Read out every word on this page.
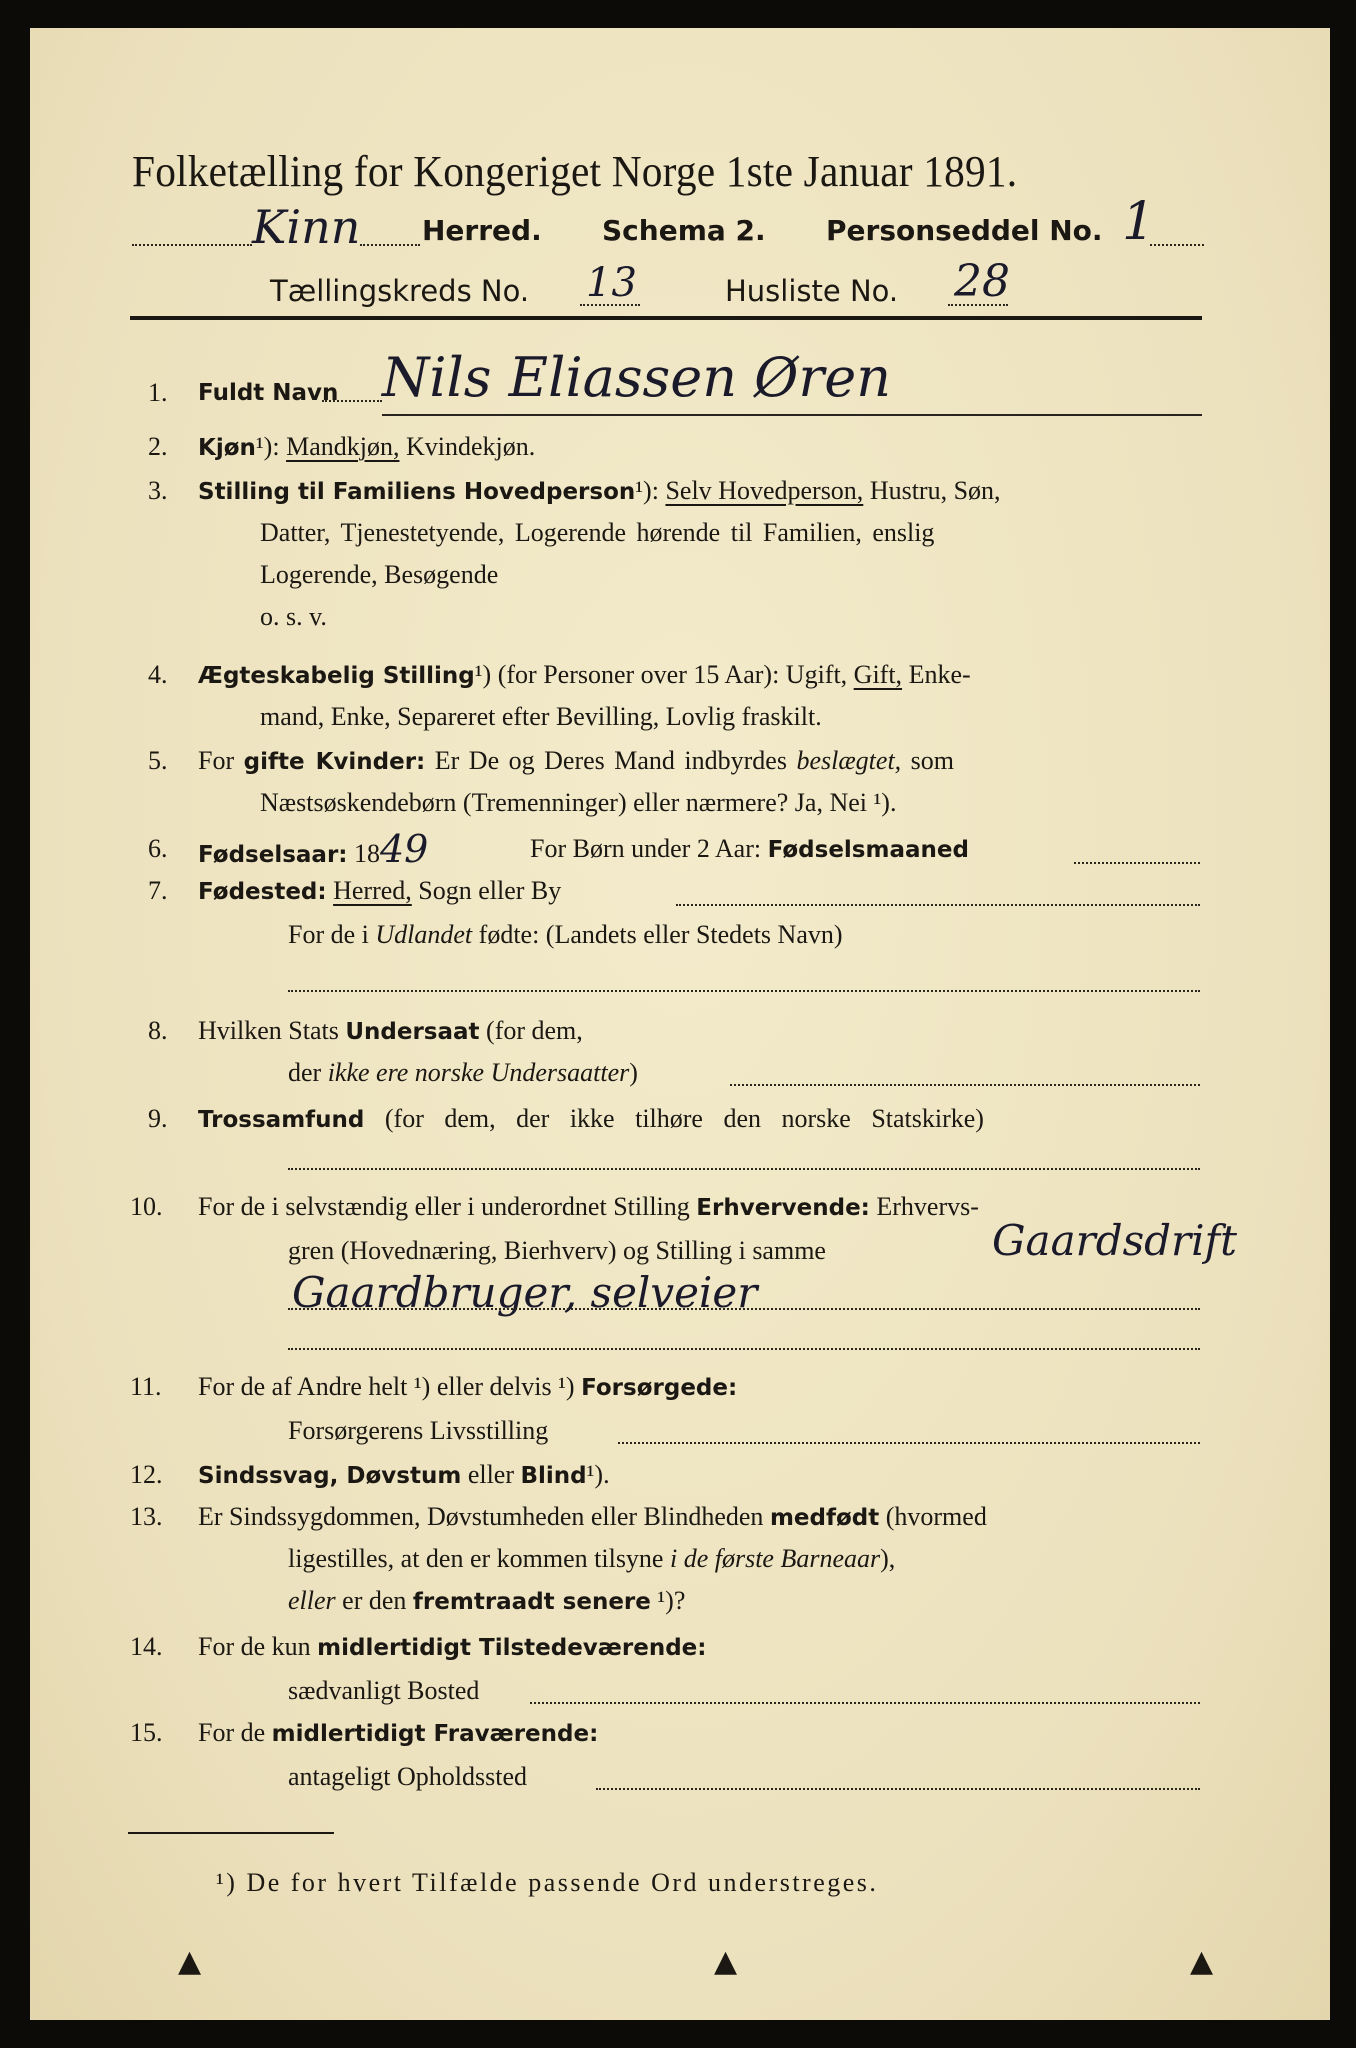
Folketælling for Kongeriget Norge 1ste Januar 1891.
Kinn Herred. Schema 2. Personseddel No. 1
Tællingskreds No. 13	Husliste No. 28
1. Fuldt Navn Nils Eliassen Øren
2. Kjøn¹): Mandkjøn, Kvindekjøn.
3. Stilling til Familiens Hovedperson¹): Selv Hovedperson, Hustru, Søn,
Datter, Tjenestetyende, Logerende hørende til Familien, enslig
Logerende, Besøgende
o. s. v.
4. Ægteskabelig Stilling¹) (for Personer over 15 Aar): Ugift, Gift, Enke-
mand, Enke, Separeret efter Bevilling, Lovlig fraskilt.
5. For gifte Kvinder: Er De og Deres Mand indbyrdes beslægtet, som
Næstsøskendebørn (Tremenninger) eller nærmere? Ja, Nei ¹).
6. Fødselsaar: 1849	For Børn under 2 Aar: Fødselsmaaned
7. Fødested: Herred, Sogn eller By
For de i Udlandet fødte: (Landets eller Stedets Navn)
8. Hvilken Stats Undersaat (for dem,
der ikke ere norske Undersaatter)
9. Trossamfund (for dem, der ikke tilhøre den norske Statskirke)
10. For de i selvstændig eller i underordnet Stilling Erhvervende: Erhvervs-
gren (Hovednæring, Bierhverv) og Stilling i samme	Gaardsdrift
Gaardbruger, selveier
11. For de af Andre helt ¹) eller delvis ¹) Forsørgede:
Forsørgerens Livsstilling
12. Sindssvag, Døvstum eller Blind¹).
13. Er Sindssygdommen, Døvstumheden eller Blindheden medfødt (hvormed
ligestilles, at den er kommen tilsyne i de første Barneaar),
eller er den fremtraadt senere ¹)?
14. For de kun midlertidigt Tilstedeværende:
sædvanligt Bosted
15. For de midlertidigt Fraværende:
antageligt Opholdssted
¹) De for hvert Tilfælde passende Ord understreges.
▲	▲	▲
